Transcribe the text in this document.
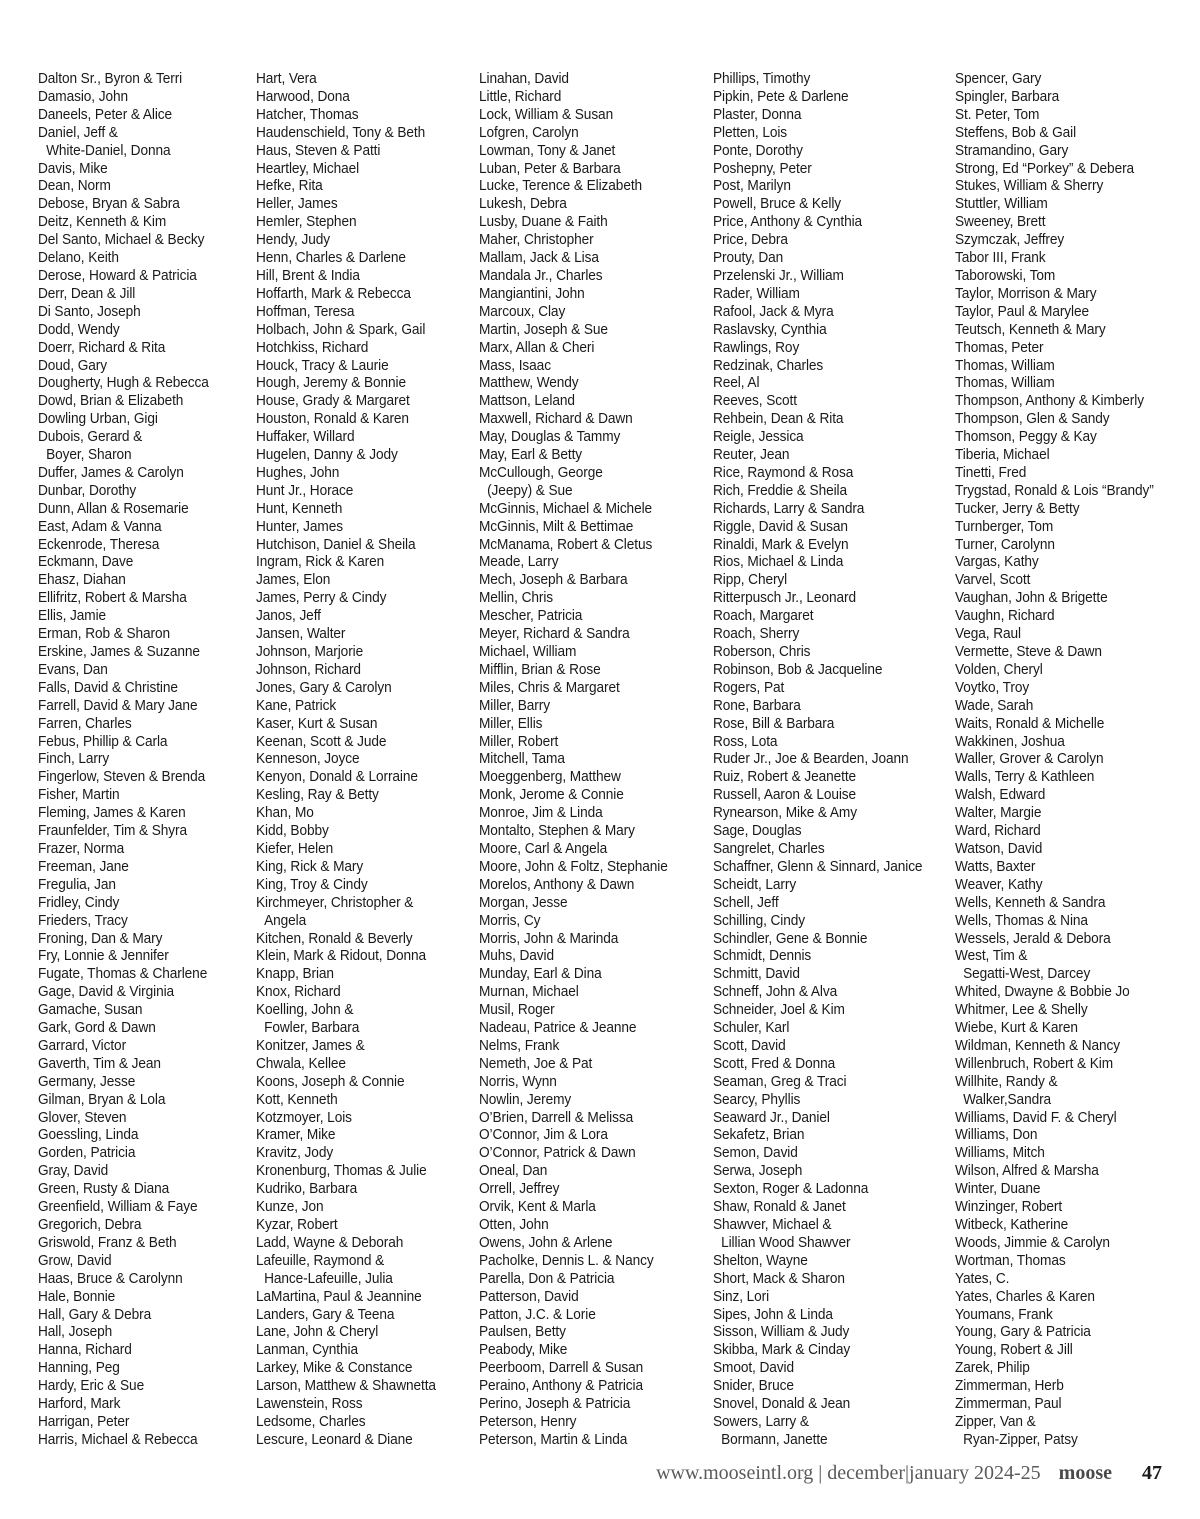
Dalton Sr., Byron & Terri
Damasio, John
Daneels, Peter & Alice
Daniel, Jeff &
White-Daniel, Donna
Davis, Mike
Dean, Norm
Debose, Bryan & Sabra
Deitz, Kenneth & Kim
Del Santo, Michael & Becky
Delano, Keith
Derose, Howard & Patricia
Derr, Dean & Jill
Di Santo, Joseph
Dodd, Wendy
Doerr, Richard & Rita
Doud, Gary
Dougherty, Hugh & Rebecca
Dowd, Brian & Elizabeth
Dowling Urban, Gigi
Dubois, Gerard &
Boyer, Sharon
Duffer, James & Carolyn
Dunbar, Dorothy
Dunn, Allan & Rosemarie
East, Adam & Vanna
Eckenrode, Theresa
Eckmann, Dave
Ehasz, Diahan
Ellifritz, Robert & Marsha
Ellis, Jamie
Erman, Rob & Sharon
Erskine, James & Suzanne
Evans, Dan
Falls, David & Christine
Farrell, David & Mary Jane
Farren, Charles
Febus, Phillip & Carla
Finch, Larry
Fingerlow, Steven & Brenda
Fisher, Martin
Fleming, James & Karen
Fraunfelder, Tim & Shyra
Frazer, Norma
Freeman, Jane
Fregulia, Jan
Fridley, Cindy
Frieders, Tracy
Froning, Dan & Mary
Fry, Lonnie & Jennifer
Fugate, Thomas & Charlene
Gage, David & Virginia
Gamache, Susan
Gark, Gord & Dawn
Garrard, Victor
Gaverth, Tim & Jean
Germany, Jesse
Gilman, Bryan & Lola
Glover, Steven
Goessling, Linda
Gorden, Patricia
Gray, David
Green, Rusty & Diana
Greenfield, William & Faye
Gregorich, Debra
Griswold, Franz & Beth
Grow, David
Haas, Bruce & Carolynn
Hale, Bonnie
Hall, Gary & Debra
Hall, Joseph
Hanna, Richard
Hanning, Peg
Hardy, Eric & Sue
Harford, Mark
Harrigan, Peter
Harris, Michael & Rebecca
Hart, Vera
Harwood, Dona
Hatcher, Thomas
Haudenschield, Tony & Beth
Haus, Steven & Patti
Heartley, Michael
Hefke, Rita
Heller, James
Hemler, Stephen
Hendy, Judy
Henn, Charles & Darlene
Hill, Brent & India
Hoffarth, Mark & Rebecca
Hoffman, Teresa
Holbach, John & Spark, Gail
Hotchkiss, Richard
Houck, Tracy & Laurie
Hough, Jeremy & Bonnie
House, Grady & Margaret
Houston, Ronald & Karen
Huffaker, Willard
Hugelen, Danny & Jody
Hughes, John
Hunt Jr., Horace
Hunt, Kenneth
Hunter, James
Hutchison, Daniel & Sheila
Ingram, Rick & Karen
James, Elon
James, Perry & Cindy
Janos, Jeff
Jansen, Walter
Johnson, Marjorie
Johnson, Richard
Jones, Gary & Carolyn
Kane, Patrick
Kaser, Kurt & Susan
Keenan, Scott & Jude
Kenneson, Joyce
Kenyon, Donald & Lorraine
Kesling, Ray & Betty
Khan, Mo
Kidd, Bobby
Kiefer, Helen
King, Rick & Mary
King, Troy & Cindy
Kirchmeyer, Christopher &
Angela
Kitchen, Ronald & Beverly
Klein, Mark & Ridout, Donna
Knapp, Brian
Knox, Richard
Koelling, John &
Fowler, Barbara
Konitzer, James &
Chwala, Kellee
Koons, Joseph & Connie
Kott, Kenneth
Kotzmoyer, Lois
Kramer, Mike
Kravitz, Jody
Kronenburg, Thomas & Julie
Kudriko, Barbara
Kunze, Jon
Kyzar, Robert
Ladd, Wayne & Deborah
Lafeuille, Raymond &
Hance-Lafeuille, Julia
LaMartina, Paul & Jeannine
Landers, Gary & Teena
Lane, John & Cheryl
Lanman, Cynthia
Larkey, Mike & Constance
Larson, Matthew & Shawnetta
Lawenstein, Ross
Ledsome, Charles
Lescure, Leonard & Diane
Linahan, David
Little, Richard
Lock, William & Susan
Lofgren, Carolyn
Lowman, Tony & Janet
Luban, Peter & Barbara
Lucke, Terence & Elizabeth
Lukesh, Debra
Lusby, Duane & Faith
Maher, Christopher
Mallam, Jack & Lisa
Mandala Jr., Charles
Mangiantini, John
Marcoux, Clay
Martin, Joseph & Sue
Marx, Allan & Cheri
Mass, Isaac
Matthew, Wendy
Mattson, Leland
Maxwell, Richard & Dawn
May, Douglas & Tammy
May, Earl & Betty
McCullough, George
(Jeepy) & Sue
McGinnis, Michael & Michele
McGinnis, Milt & Bettimae
McManama, Robert & Cletus
Meade, Larry
Mech, Joseph & Barbara
Mellin, Chris
Mescher, Patricia
Meyer, Richard & Sandra
Michael, William
Mifflin, Brian & Rose
Miles, Chris & Margaret
Miller, Barry
Miller, Ellis
Miller, Robert
Mitchell, Tama
Moeggenberg, Matthew
Monk, Jerome & Connie
Monroe, Jim & Linda
Montalto, Stephen & Mary
Moore, Carl & Angela
Moore, John & Foltz, Stephanie
Morelos, Anthony & Dawn
Morgan, Jesse
Morris, Cy
Morris, John & Marinda
Muhs, David
Munday, Earl & Dina
Murnan, Michael
Musil, Roger
Nadeau, Patrice & Jeanne
Nelms, Frank
Nemeth, Joe & Pat
Norris, Wynn
Nowlin, Jeremy
O’Brien, Darrell & Melissa
O’Connor, Jim & Lora
O’Connor, Patrick & Dawn
Oneal, Dan
Orrell, Jeffrey
Orvik, Kent & Marla
Otten, John
Owens, John & Arlene
Pacholke, Dennis L. & Nancy
Parella, Don & Patricia
Patterson, David
Patton, J.C. & Lorie
Paulsen, Betty
Peabody, Mike
Peerboom, Darrell & Susan
Peraino, Anthony & Patricia
Perino, Joseph & Patricia
Peterson, Henry
Peterson, Martin & Linda
Phillips, Timothy
Pipkin, Pete & Darlene
Plaster, Donna
Pletten, Lois
Ponte, Dorothy
Poshepny, Peter
Post, Marilyn
Powell, Bruce & Kelly
Price, Anthony & Cynthia
Price, Debra
Prouty, Dan
Przelenski Jr., William
Rader, William
Rafool, Jack & Myra
Raslavsky, Cynthia
Rawlings, Roy
Redzinak, Charles
Reel, Al
Reeves, Scott
Rehbein, Dean & Rita
Reigle, Jessica
Reuter, Jean
Rice, Raymond & Rosa
Rich, Freddie & Sheila
Richards, Larry & Sandra
Riggle, David & Susan
Rinaldi, Mark & Evelyn
Rios, Michael & Linda
Ripp, Cheryl
Ritterpusch Jr., Leonard
Roach, Margaret
Roach, Sherry
Roberson, Chris
Robinson, Bob & Jacqueline
Rogers, Pat
Rone, Barbara
Rose, Bill & Barbara
Ross, Lota
Ruder Jr., Joe & Bearden, Joann
Ruiz, Robert & Jeanette
Russell, Aaron & Louise
Rynearson, Mike & Amy
Sage, Douglas
Sangrelet, Charles
Schaffner, Glenn & Sinnard, Janice
Scheidt, Larry
Schell, Jeff
Schilling, Cindy
Schindler, Gene & Bonnie
Schmidt, Dennis
Schmitt, David
Schneff, John & Alva
Schneider, Joel & Kim
Schuler, Karl
Scott, David
Scott, Fred & Donna
Seaman, Greg & Traci
Searcy, Phyllis
Seaward Jr., Daniel
Sekafetz, Brian
Semon, David
Serwa, Joseph
Sexton, Roger & Ladonna
Shaw, Ronald & Janet
Shawver, Michael &
Lillian Wood Shawver
Shelton, Wayne
Short, Mack & Sharon
Sinz, Lori
Sipes, John & Linda
Sisson, William & Judy
Skibba, Mark & Cinday
Smoot, David
Snider, Bruce
Snovel, Donald & Jean
Sowers, Larry &
Bormann, Janette
Spencer, Gary
Spingler, Barbara
St. Peter, Tom
Steffens, Bob & Gail
Stramandino, Gary
Strong, Ed “Porkey” & Debera
Stukes, William & Sherry
Stuttler, William
Sweeney, Brett
Szymczak, Jeffrey
Tabor III, Frank
Taborowski, Tom
Taylor, Morrison & Mary
Taylor, Paul & Marylee
Teutsch, Kenneth & Mary
Thomas, Peter
Thomas, William
Thomas, William
Thompson, Anthony & Kimberly
Thompson, Glen & Sandy
Thomson, Peggy & Kay
Tiberia, Michael
Tinetti, Fred
Trygstad, Ronald & Lois “Brandy”
Tucker, Jerry & Betty
Turnberger, Tom
Turner, Carolynn
Vargas, Kathy
Varvel, Scott
Vaughan, John & Brigette
Vaughn, Richard
Vega, Raul
Vermette, Steve & Dawn
Volden, Cheryl
Voytko, Troy
Wade, Sarah
Waits, Ronald & Michelle
Wakkinen, Joshua
Waller, Grover & Carolyn
Walls, Terry & Kathleen
Walsh, Edward
Walter, Margie
Ward, Richard
Watson, David
Watts, Baxter
Weaver, Kathy
Wells, Kenneth & Sandra
Wells, Thomas & Nina
Wessels, Jerald & Debora
West, Tim &
Segatti-West, Darcey
Whited, Dwayne & Bobbie Jo
Whitmer, Lee & Shelly
Wiebe, Kurt & Karen
Wildman, Kenneth & Nancy
Willenbruch, Robert & Kim
Willhite, Randy &
Walker,Sandra
Williams, David F. & Cheryl
Williams, Don
Williams, Mitch
Wilson, Alfred & Marsha
Winter, Duane
Winzinger, Robert
Witbeck, Katherine
Woods, Jimmie & Carolyn
Wortman, Thomas
Yates, C.
Yates, Charles & Karen
Youmans, Frank
Young, Gary & Patricia
Young, Robert & Jill
Zarek, Philip
Zimmerman, Herb
Zimmerman, Paul
Zipper, Van &
Ryan-Zipper, Patsy
www.mooseintl.org | december|january 2024-25 moose 47
